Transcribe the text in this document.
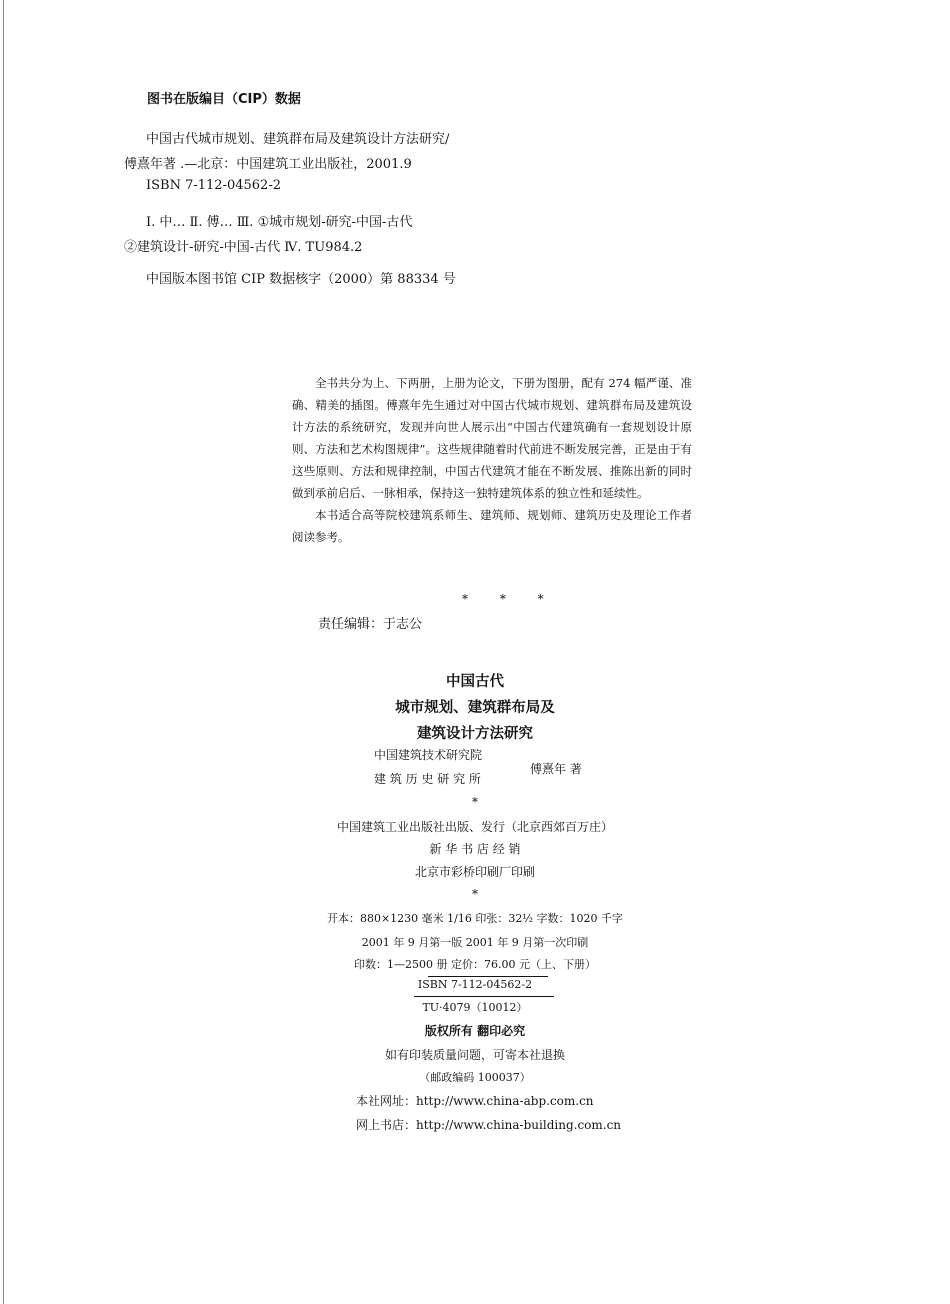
图书在版编目（CIP）数据
中国古代城市规划、建筑群布局及建筑设计方法研究/
傅熹年著 .—北京：中国建筑工业出版社，2001.9
ISBN 7-112-04562-2
Ⅰ. 中… Ⅱ. 傅… Ⅲ. ①城市规划-研究-中国-古代
②建筑设计-研究-中国-古代 Ⅳ. TU984.2
中国版本图书馆 CIP 数据核字（2000）第 88334 号

全书共分为上、下两册，上册为论文，下册为图册，配有 274 幅严谨、准确、精美的插图。傅熹年先生通过对中国古代城市规划、建筑群布局及建筑设计方法的系统研究，发现并向世人展示出“中国古代建筑确有一套规划设计原则、方法和艺术构图规律”。这些规律随着时代前进不断发展完善，正是由于有这些原则、方法和规律控制，中国古代建筑才能在不断发展、推陈出新的同时做到承前启后、一脉相承，保持这一独特建筑体系的独立性和延续性。

本书适合高等院校建筑系师生、建筑师、规划师、建筑历史及理论工作者阅读参考。

* * *
责任编辑：于志公
中国古代
城市规划、建筑群布局及
建筑设计方法研究
中国建筑技术研究院
建 筑 历 史 研 究 所
傅熹年 著
*
中国建筑工业出版社出版、发行（北京西郊百万庄）
新 华 书 店 经 销
北京市彩桥印刷厂印刷
*
开本：880×1230 毫米 1/16 印张：32½ 字数：1020 千字
2001 年 9 月第一版 2001 年 9 月第一次印刷
印数：1—2500 册 定价：76.00 元（上、下册）
ISBN 7-112-04562-2
TU·4079（10012）
版权所有 翻印必究
如有印装质量问题，可寄本社退换
（邮政编码 100037）
本社网址：http://www.china-abp.com.cn
网上书店：http://www.china-building.com.cn
